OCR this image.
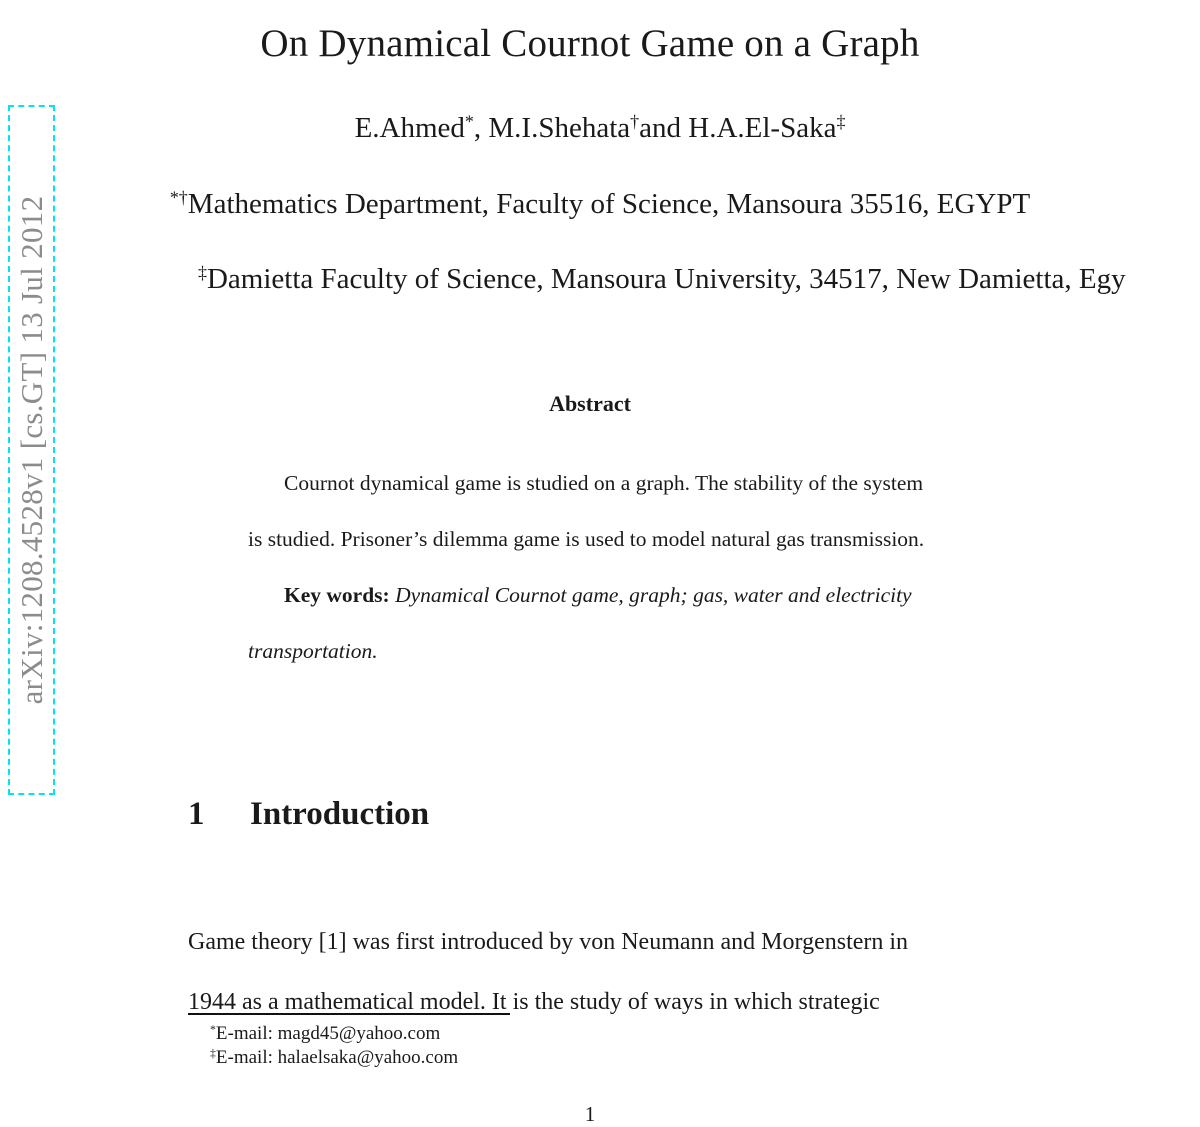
arXiv:1208.4528v1 [cs.GT] 13 Jul 2012
On Dynamical Cournot Game on a Graph
E.Ahmed*, M.I.Shehata†and H.A.El-Saka‡
*†Mathematics Department, Faculty of Science, Mansoura 35516, EGYPT
‡Damietta Faculty of Science, Mansoura University, 34517, New Damietta, Egy
Abstract
Cournot dynamical game is studied on a graph. The stability of the system is studied. Prisoner’s dilemma game is used to model natural gas transmission.
Key words: Dynamical Cournot game, graph; gas, water and electricity transportation.
1 Introduction
Game theory [1] was first introduced by von Neumann and Morgenstern in
1944 as a mathematical model. It is the study of ways in which strategic
*E-mail: magd45@yahoo.com
‡E-mail: halaelsaka@yahoo.com
1
